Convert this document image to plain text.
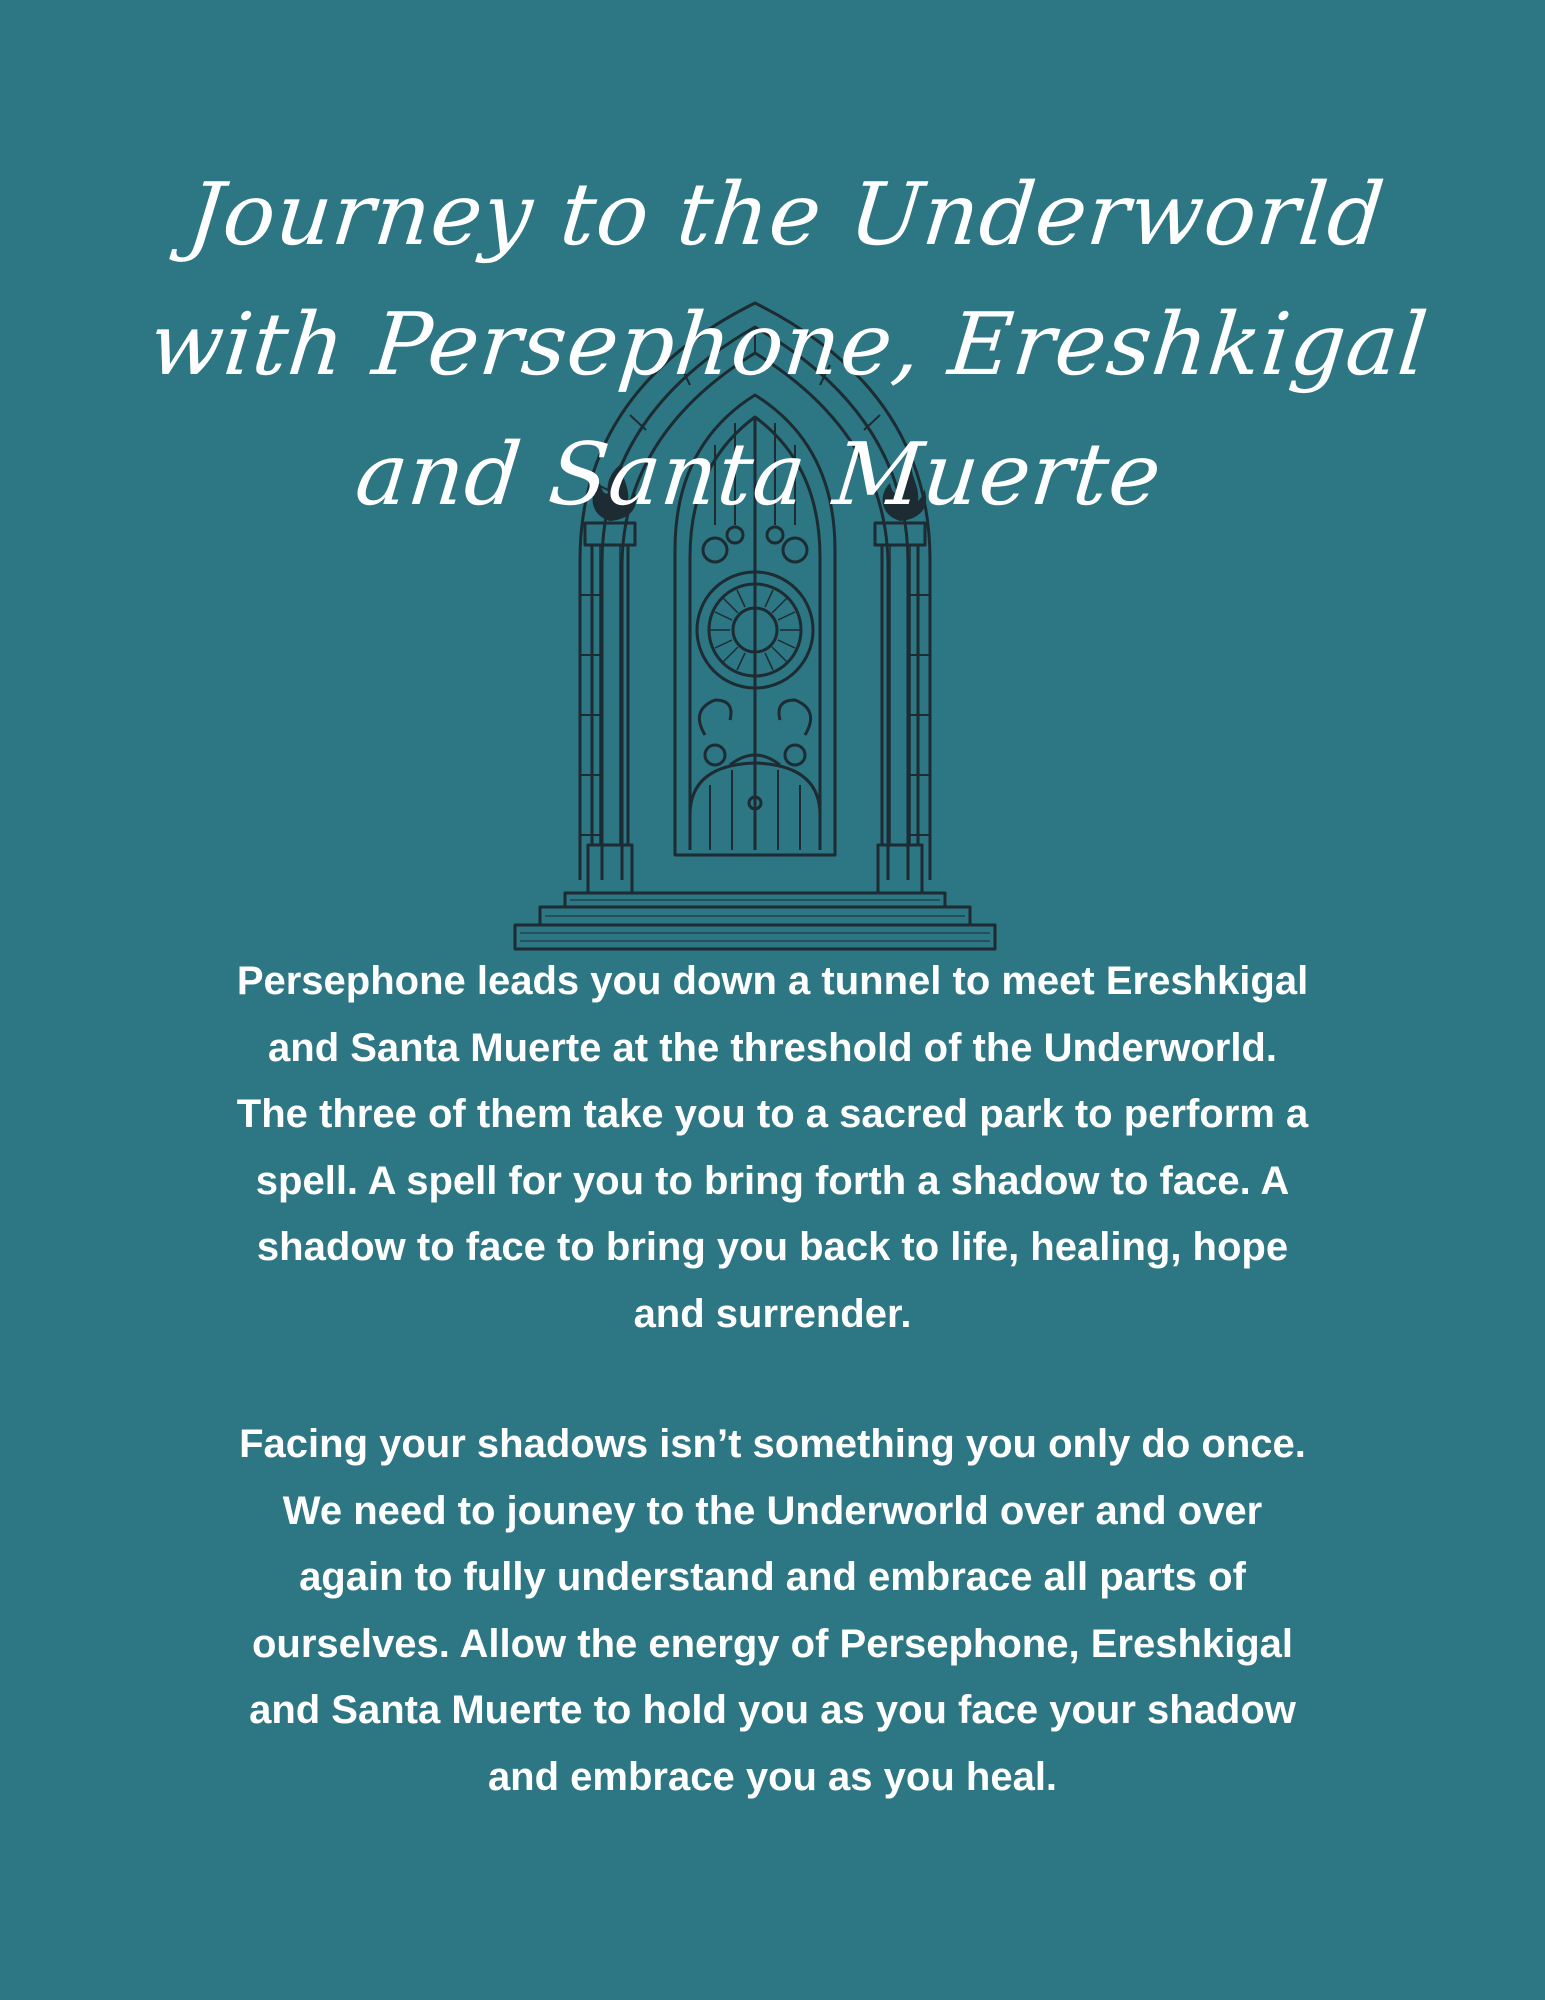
Journey to the Underworld
with Persephone, Ereshkigal
and Santa Muerte

Persephone leads you down a tunnel to meet Ereshkigal
and Santa Muerte at the threshold of the Underworld.
The three of them take you to a sacred park to perform a
spell. A spell for you to bring forth a shadow to face. A
shadow to face to bring you back to life, healing, hope
and surrender.

Facing your shadows isn’t something you only do once.
We need to jouney to the Underworld over and over
again to fully understand and embrace all parts of
ourselves. Allow the energy of Persephone, Ereshkigal
and Santa Muerte to hold you as you face your shadow
and embrace you as you heal.
